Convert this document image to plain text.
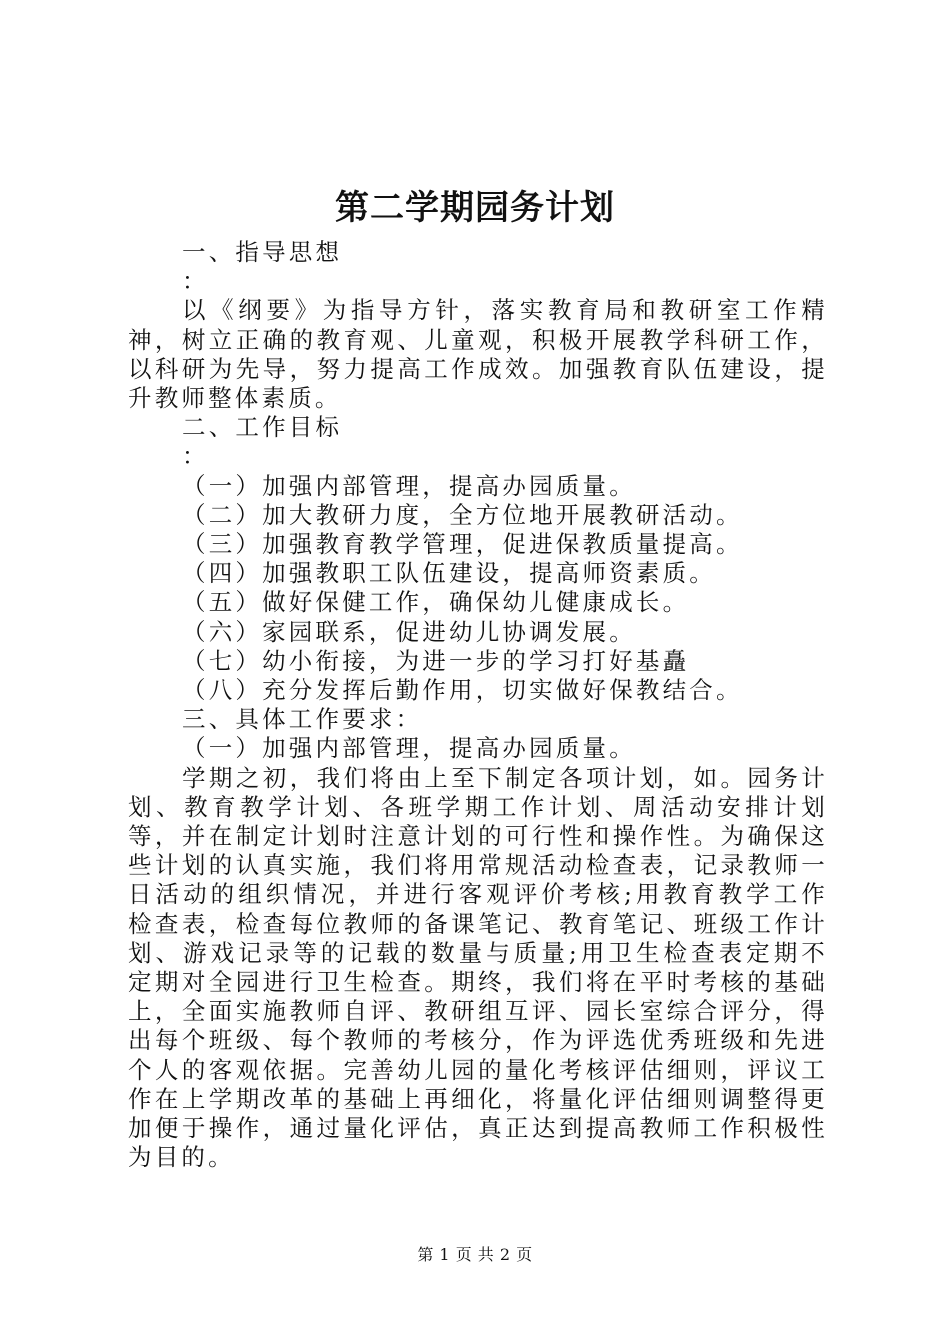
第二学期园务计划

一、指导思想

：

以《纲要》为指导方针，落实教育局和教研室工作精神，树立正确的教育观、儿童观，积极开展教学科研工作，以科研为先导，努力提高工作成效。加强教育队伍建设，提升教师整体素质。

二、工作目标

：

（一）加强内部管理，提高办园质量。

（二）加大教研力度，全方位地开展教研活动。

（三）加强教育教学管理，促进保教质量提高。

（四）加强教职工队伍建设，提高师资素质。

（五）做好保健工作，确保幼儿健康成长。

（六）家园联系，促进幼儿协调发展。

（七）幼小衔接，为进一步的学习打好基矗

（八）充分发挥后勤作用，切实做好保教结合。

三、具体工作要求：

（一）加强内部管理，提高办园质量。

学期之初，我们将由上至下制定各项计划，如。园务计划、教育教学计划、各班学期工作计划、周活动安排计划等，并在制定计划时注意计划的可行性和操作性。为确保这些计划的认真实施，我们将用常规活动检查表，记录教师一日活动的组织情况，并进行客观评价考核;用教育教学工作检查表，检查每位教师的备课笔记、教育笔记、班级工作计划、游戏记录等的记载的数量与质量;用卫生检查表定期不定期对全园进行卫生检查。期终，我们将在平时考核的基础上，全面实施教师自评、教研组互评、园长室综合评分，得出每个班级、每个教师的考核分，作为评选优秀班级和先进个人的客观依据。完善幼儿园的量化考核评估细则，评议工作在上学期改革的基础上再细化，将量化评估细则调整得更加便于操作，通过量化评估，真正达到提高教师工作积极性为目的。

第 1 页 共 2 页
